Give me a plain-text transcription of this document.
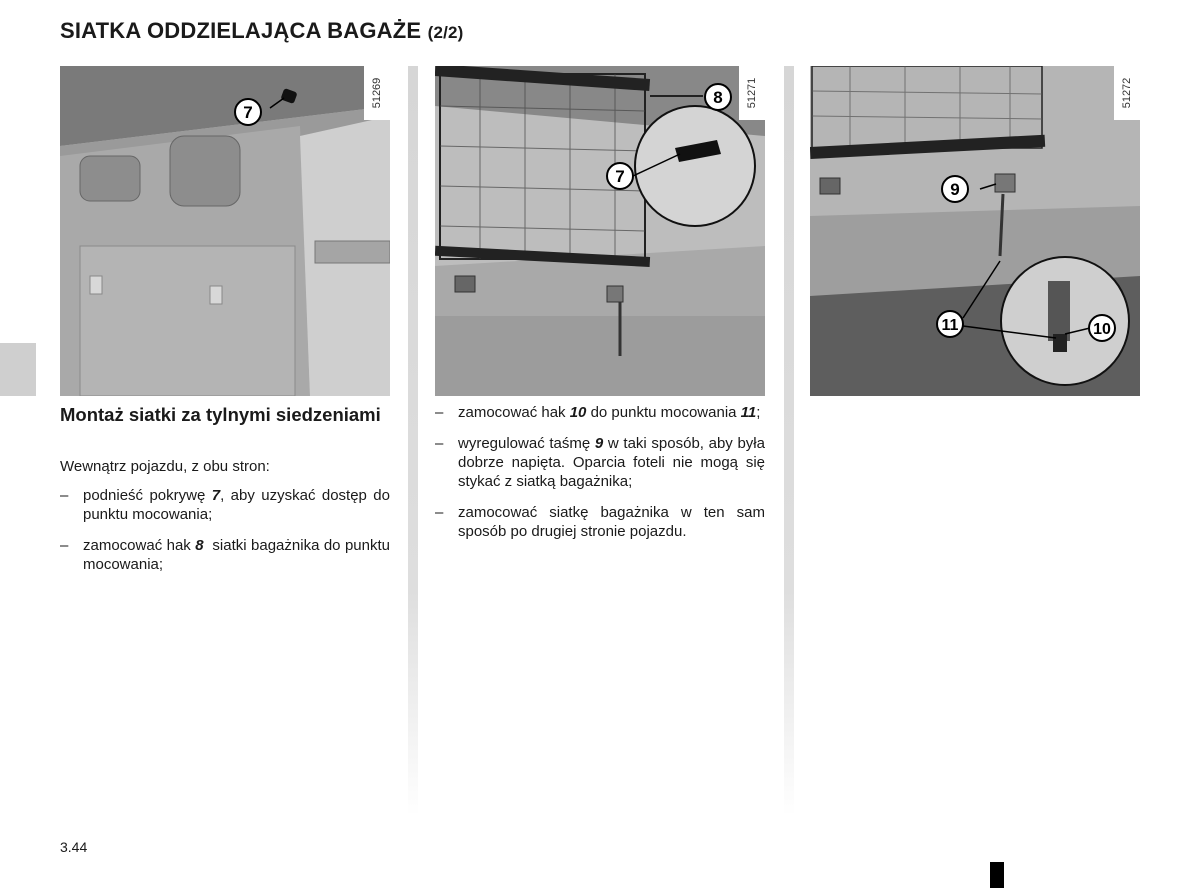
SIATKA ODDZIELAJĄCA BAGAŻE (2/2)
7
51269	8
7
51271
9
11	10
51272
Montaż siatki za tylnymi siedzeniami
Wewnątrz pojazdu, z obu stron:
– podnieść pokrywę 7, aby uzyskać dostęp do punktu mocowania;
– zamocować hak 8  siatki bagażnika do punktu mocowania;
– zamocować hak 10 do punktu mocowania 11;
– wyregulować taśmę 9 w taki sposób, aby była dobrze napięta. Oparcia foteli nie mogą się stykać z siatką bagażnika;
– zamocować siatkę bagażnika w ten sam sposób po drugiej stronie pojazdu.
3.44
